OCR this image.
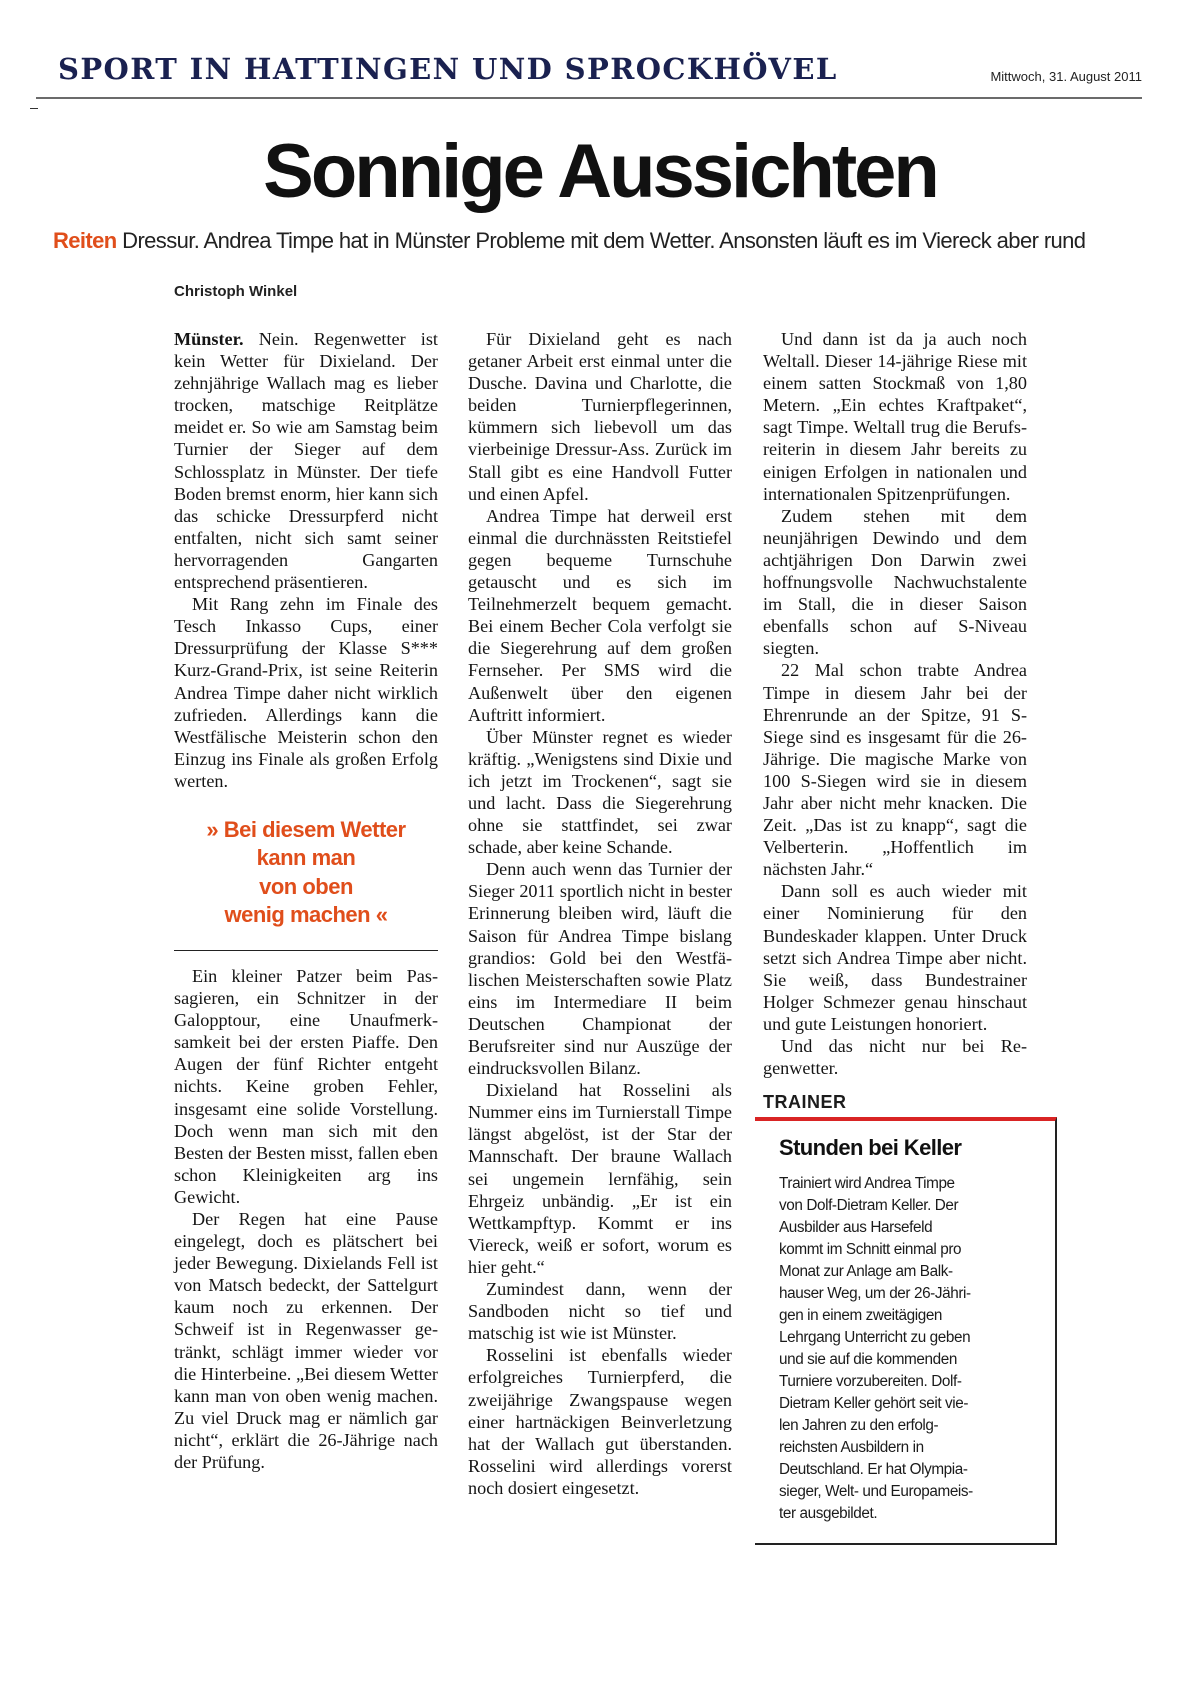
SPORT IN HATTINGEN UND SPROCKHÖVEL	Mittwoch, 31. August 2011
Sonnige Aussichten
Reiten Dressur. Andrea Timpe hat in Münster Probleme mit dem Wetter. Ansonsten läuft es im Viereck aber rund
Christoph Winkel

Münster. Nein. Regenwetter ist kein Wetter für Dixieland. Der zehnjährige Wallach mag es lieber trocken, matschige Reitplätze meidet er. So wie am Samstag beim Turnier der Sieger auf dem Schlossplatz in Münster. Der tiefe Boden bremst enorm, hier kann sich das schicke Dressurpferd nicht entfalten, nicht sich samt seiner hervorragenden Gangarten entsprechend präsentieren.

Mit Rang zehn im Finale des Tesch Inkasso Cups, einer Dressurprüfung der Klasse S*** Kurz-Grand-Prix, ist seine Reiterin Andrea Timpe daher nicht wirklich zufrieden. Allerdings kann die Westfälische Meisterin schon den Einzug ins Finale als großen Erfolg werten.

» Bei diesem Wetter
kann man
von oben
wenig machen «

Ein kleiner Patzer beim Passagieren, ein Schnitzer in der Galopptour, eine Unaufmerksamkeit bei der ersten Piaffe. Den Augen der fünf Richter entgeht nichts. Keine groben Fehler, insgesamt eine solide Vorstellung. Doch wenn man sich mit den Besten der Besten misst, fallen eben schon Kleinigkeiten arg ins Gewicht.

Der Regen hat eine Pause eingelegt, doch es plätschert bei jeder Bewegung. Dixielands Fell ist von Matsch bedeckt, der Sattelgurt kaum noch zu erkennen. Der Schweif ist in Regenwasser getränkt, schlägt immer wieder vor die Hinterbeine. „Bei diesem Wetter kann man von oben wenig machen. Zu viel Druck mag er nämlich gar nicht“, erklärt die 26-Jährige nach der Prüfung.

Für Dixieland geht es nach getaner Arbeit erst einmal unter die Dusche. Davina und Charlotte, die beiden Turnierpflegerinnen, kümmern sich liebevoll um das vierbeinige Dressur-Ass. Zurück im Stall gibt es eine Handvoll Futter und einen Apfel.

Andrea Timpe hat derweil erst einmal die durchnässten Reitstiefel gegen bequeme Turnschuhe getauscht und es sich im Teilnehmerzelt bequem gemacht. Bei einem Becher Cola verfolgt sie die Siegerehrung auf dem großen Fernseher. Per SMS wird die Außenwelt über den eigenen Auftritt informiert.

Über Münster regnet es wieder kräftig. „Wenigstens sind Dixie und ich jetzt im Trockenen“, sagt sie und lacht. Dass die Siegerehrung ohne sie stattfindet, sei zwar schade, aber keine Schande.

Denn auch wenn das Turnier der Sieger 2011 sportlich nicht in bester Erinnerung bleiben wird, läuft die Saison für Andrea Timpe bislang grandios: Gold bei den Westfälischen Meisterschaften sowie Platz eins im Intermediare II beim Deutschen Championat der Berufsreiter sind nur Auszüge der eindrucksvollen Bilanz.

Dixieland hat Rosselini als Nummer eins im Turnierstall Timpe längst abgelöst, ist der Star der Mannschaft. Der braune Wallach sei ungemein lernfähig, sein Ehrgeiz unbändig. „Er ist ein Wettkampftyp. Kommt er ins Viereck, weiß er sofort, worum es hier geht.“

Zumindest dann, wenn der Sandboden nicht so tief und matschig ist wie ist Münster.

Rosselini ist ebenfalls wieder erfolgreiches Turnierpferd, die zweijährige Zwangspause wegen einer hartnäckigen Beinverletzung hat der Wallach gut überstanden. Rosselini wird allerdings vorerst noch dosiert eingesetzt.

Und dann ist da ja auch noch Weltall. Dieser 14-jährige Riese mit einem satten Stockmaß von 1,80 Metern. „Ein echtes Kraftpaket“, sagt Timpe. Weltall trug die Berufsreiterin in diesem Jahr bereits zu einigen Erfolgen in nationalen und internationalen Spitzenprüfungen.

Zudem stehen mit dem neunjährigen Dewindo und dem achtjährigen Don Darwin zwei hoffnungsvolle Nachwuchstalente im Stall, die in dieser Saison ebenfalls schon auf S-Niveau siegten.

22 Mal schon trabte Andrea Timpe in diesem Jahr bei der Ehrenrunde an der Spitze, 91 S-Siege sind es insgesamt für die 26-Jährige. Die magische Marke von 100 S-Siegen wird sie in diesem Jahr aber nicht mehr knacken. Die Zeit. „Das ist zu knapp“, sagt die Velberterin. „Hoffentlich im nächsten Jahr.“

Dann soll es auch wieder mit einer Nominierung für den Bundeskader klappen. Unter Druck setzt sich Andrea Timpe aber nicht. Sie weiß, dass Bundestrainer Holger Schmezer genau hinschaut und gute Leistungen honoriert.

Und das nicht nur bei Regenwetter.

TRAINER
Stunden bei Keller
Trainiert wird Andrea Timpe
von Dolf-Dietram Keller. Der
Ausbilder aus Harsefeld
kommt im Schnitt einmal pro
Monat zur Anlage am Balk-
hauser Weg, um der 26-Jähri-
gen in einem zweitägigen
Lehrgang Unterricht zu geben
und sie auf die kommenden
Turniere vorzubereiten. Dolf-
Dietram Keller gehört seit vie-
len Jahren zu den erfolg-
reichsten Ausbildern in
Deutschland. Er hat Olympia-
sieger, Welt- und Europameis-
ter ausgebildet.
